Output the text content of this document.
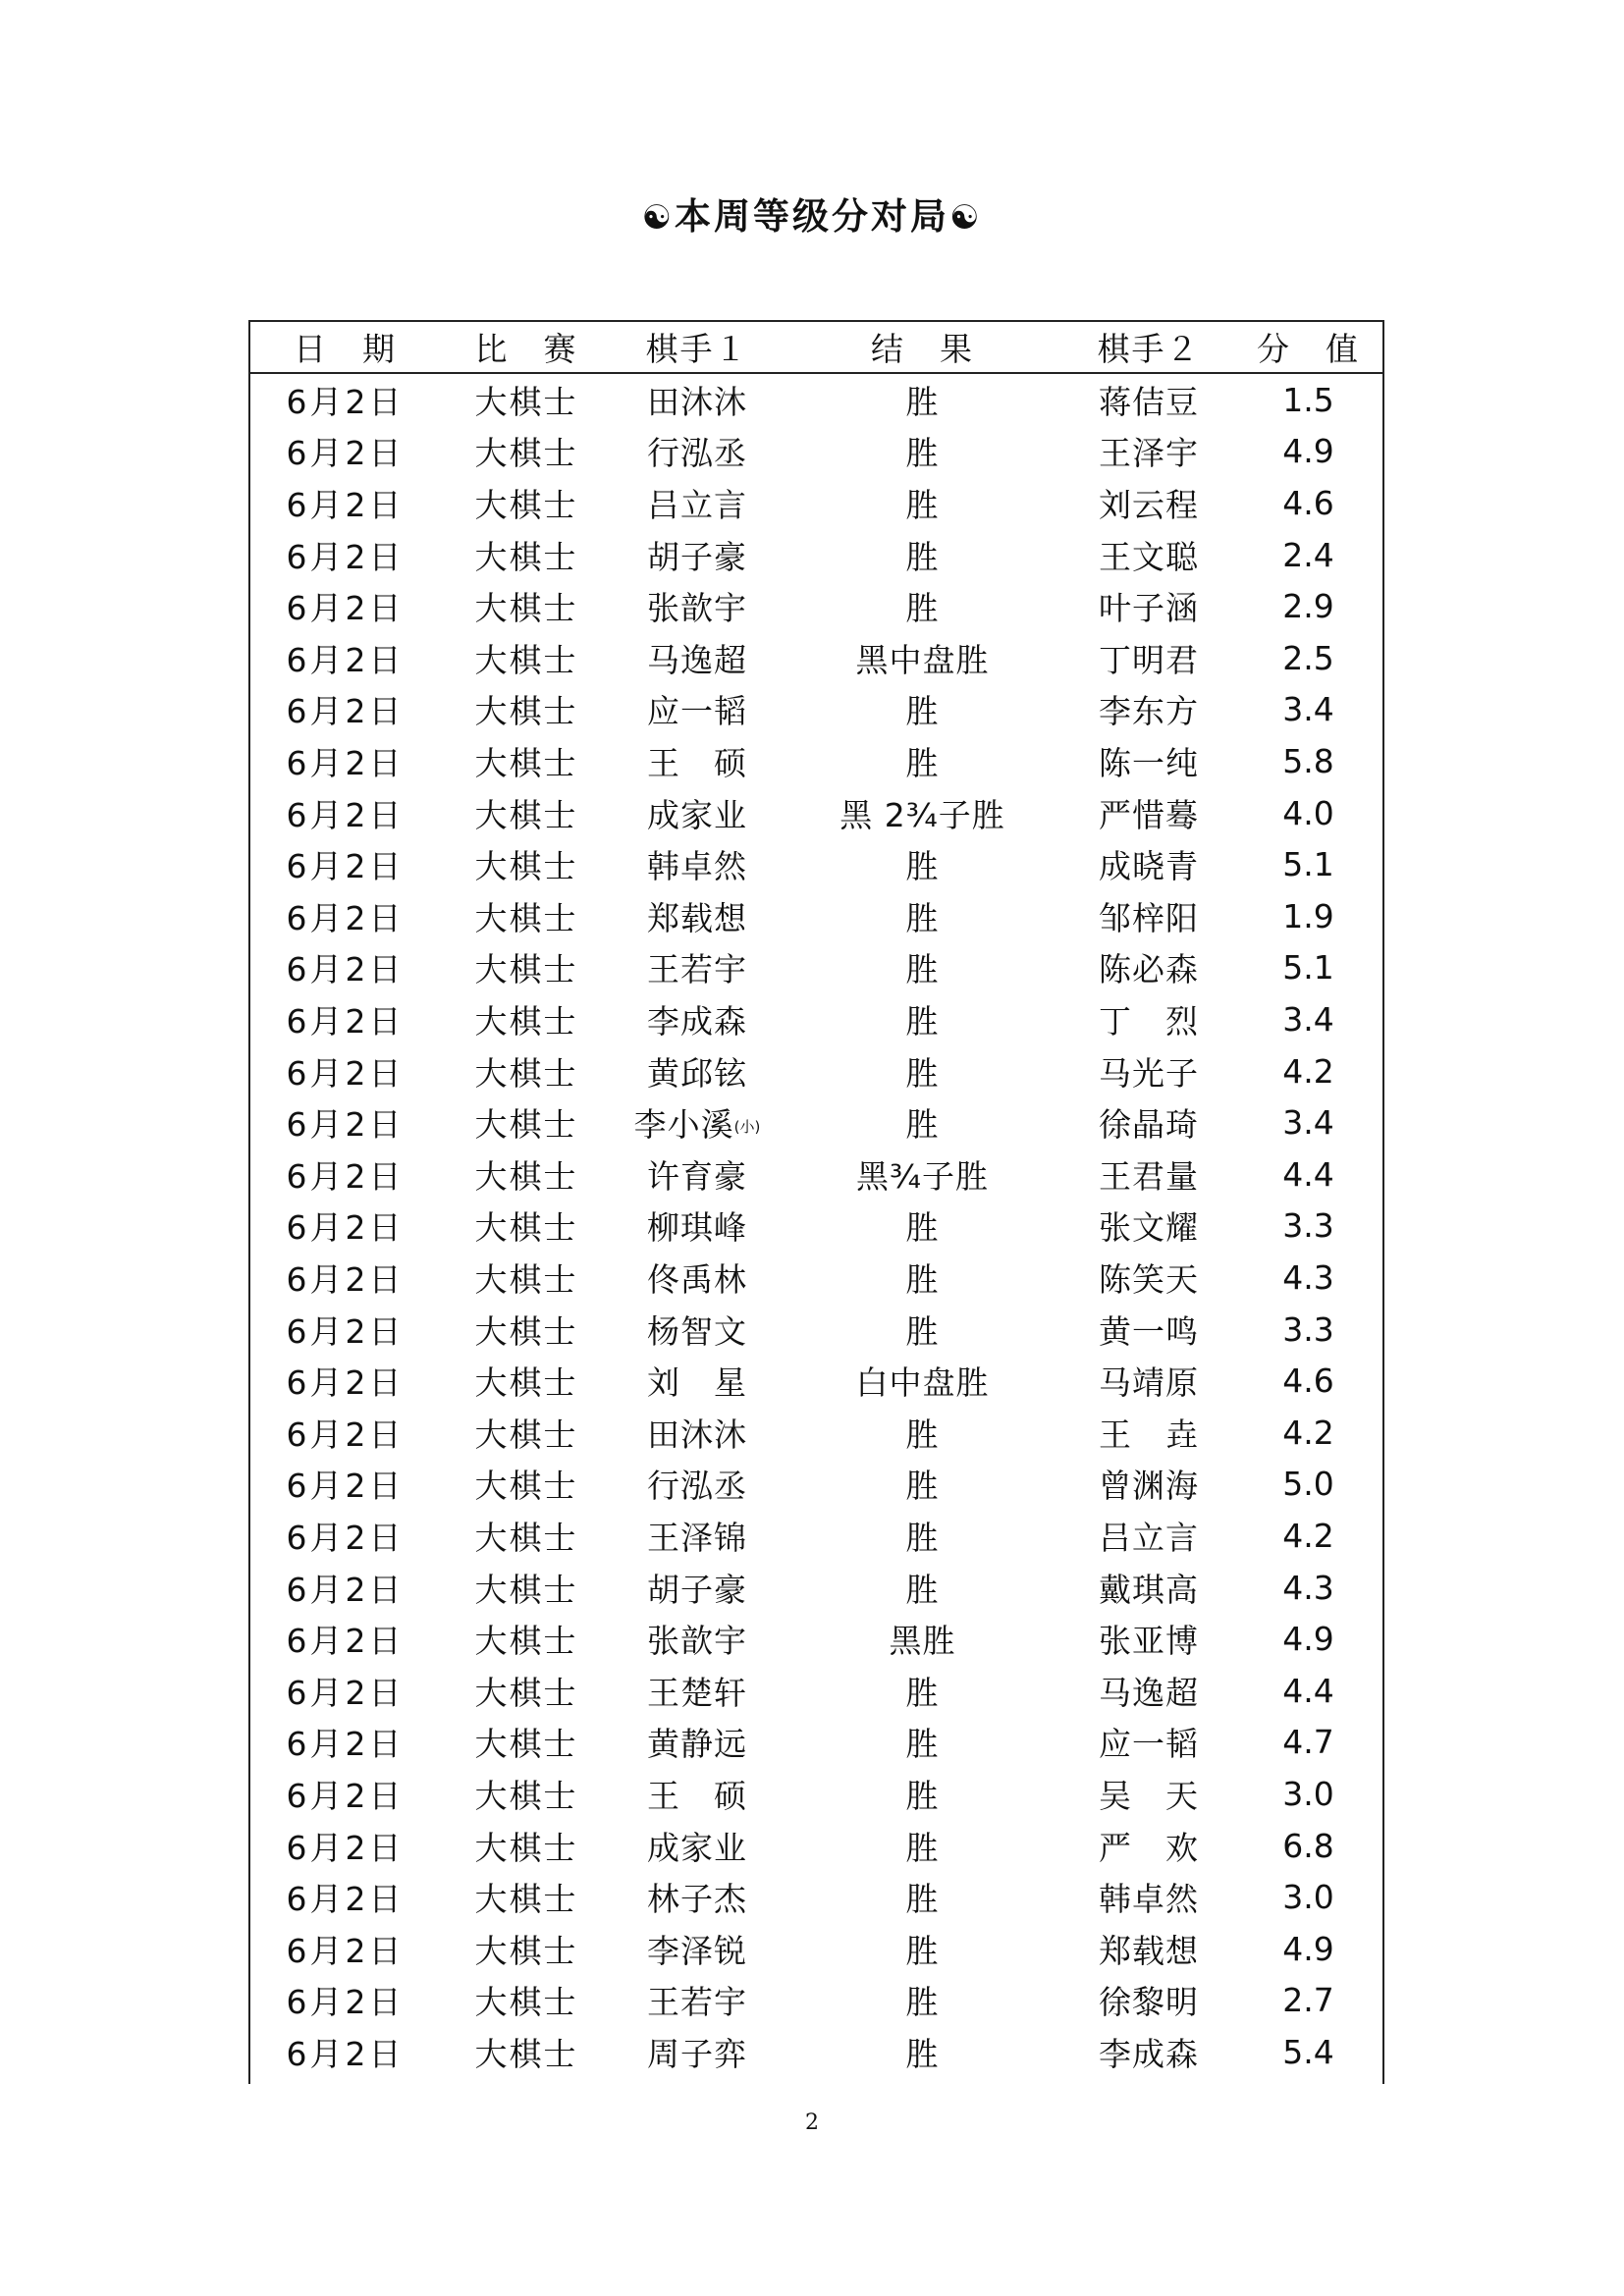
☯本周等级分对局☯
日　期	比　赛	棋手１	结　果	棋手２	分　值
6月2日 大棋士 田沐沐	胜	蒋佶豆	1.5
6月2日 大棋士 行泓丞	胜	王泽宇	4.9
6月2日 大棋士 吕立言	胜	刘云程	4.6
6月2日 大棋士 胡子豪	胜	王文聪	2.4
6月2日 大棋士 张歆宇	胜	叶子涵	2.9
6月2日 大棋士 马逸超	黑中盘胜	丁明君	2.5
6月2日 大棋士 应一韬	胜	李东方	3.4
6月2日 大棋士 王　硕	胜	陈一纯	5.8
6月2日 大棋士 成家业	黑 2¾子胜	严惜蓦	4.0
6月2日 大棋士 韩卓然	胜	成晓青	5.1
6月2日 大棋士 郑载想	胜	邹梓阳	1.9
6月2日 大棋士 王若宇	胜	陈必森	5.1
6月2日 大棋士 李成森	胜	丁　烈	3.4
6月2日 大棋士 黄邱铉	胜	马光子	4.2
6月2日 大棋士 李小溪 (小)	胜	徐晶琦	3.4
6月2日 大棋士 许育豪	黑¾子胜	王君量	4.4
6月2日 大棋士 柳琪峰	胜	张文耀	3.3
6月2日 大棋士 佟禹林	胜	陈笑天	4.3
6月2日 大棋士 杨智文	胜	黄一鸣	3.3
6月2日 大棋士 刘　星	白中盘胜	马靖原	4.6
6月2日 大棋士 田沐沐	胜	王　垚	4.2
6月2日 大棋士 行泓丞	胜	曾渊海	5.0
6月2日 大棋士 王泽锦	胜	吕立言	4.2
6月2日 大棋士 胡子豪	胜	戴琪高	4.3
6月2日 大棋士 张歆宇	黑胜	张亚博	4.9
6月2日 大棋士 王楚轩	胜	马逸超	4.4
6月2日 大棋士 黄静远	胜	应一韬	4.7
6月2日 大棋士 王　硕	胜	吴　天	3.0
6月2日 大棋士 成家业	胜	严　欢	6.8
6月2日 大棋士 林子杰	胜	韩卓然	3.0
6月2日 大棋士 李泽锐	胜	郑载想	4.9
6月2日 大棋士 王若宇	胜	徐黎明	2.7
6月2日 大棋士 周子弈	胜	李成森	5.4
2
